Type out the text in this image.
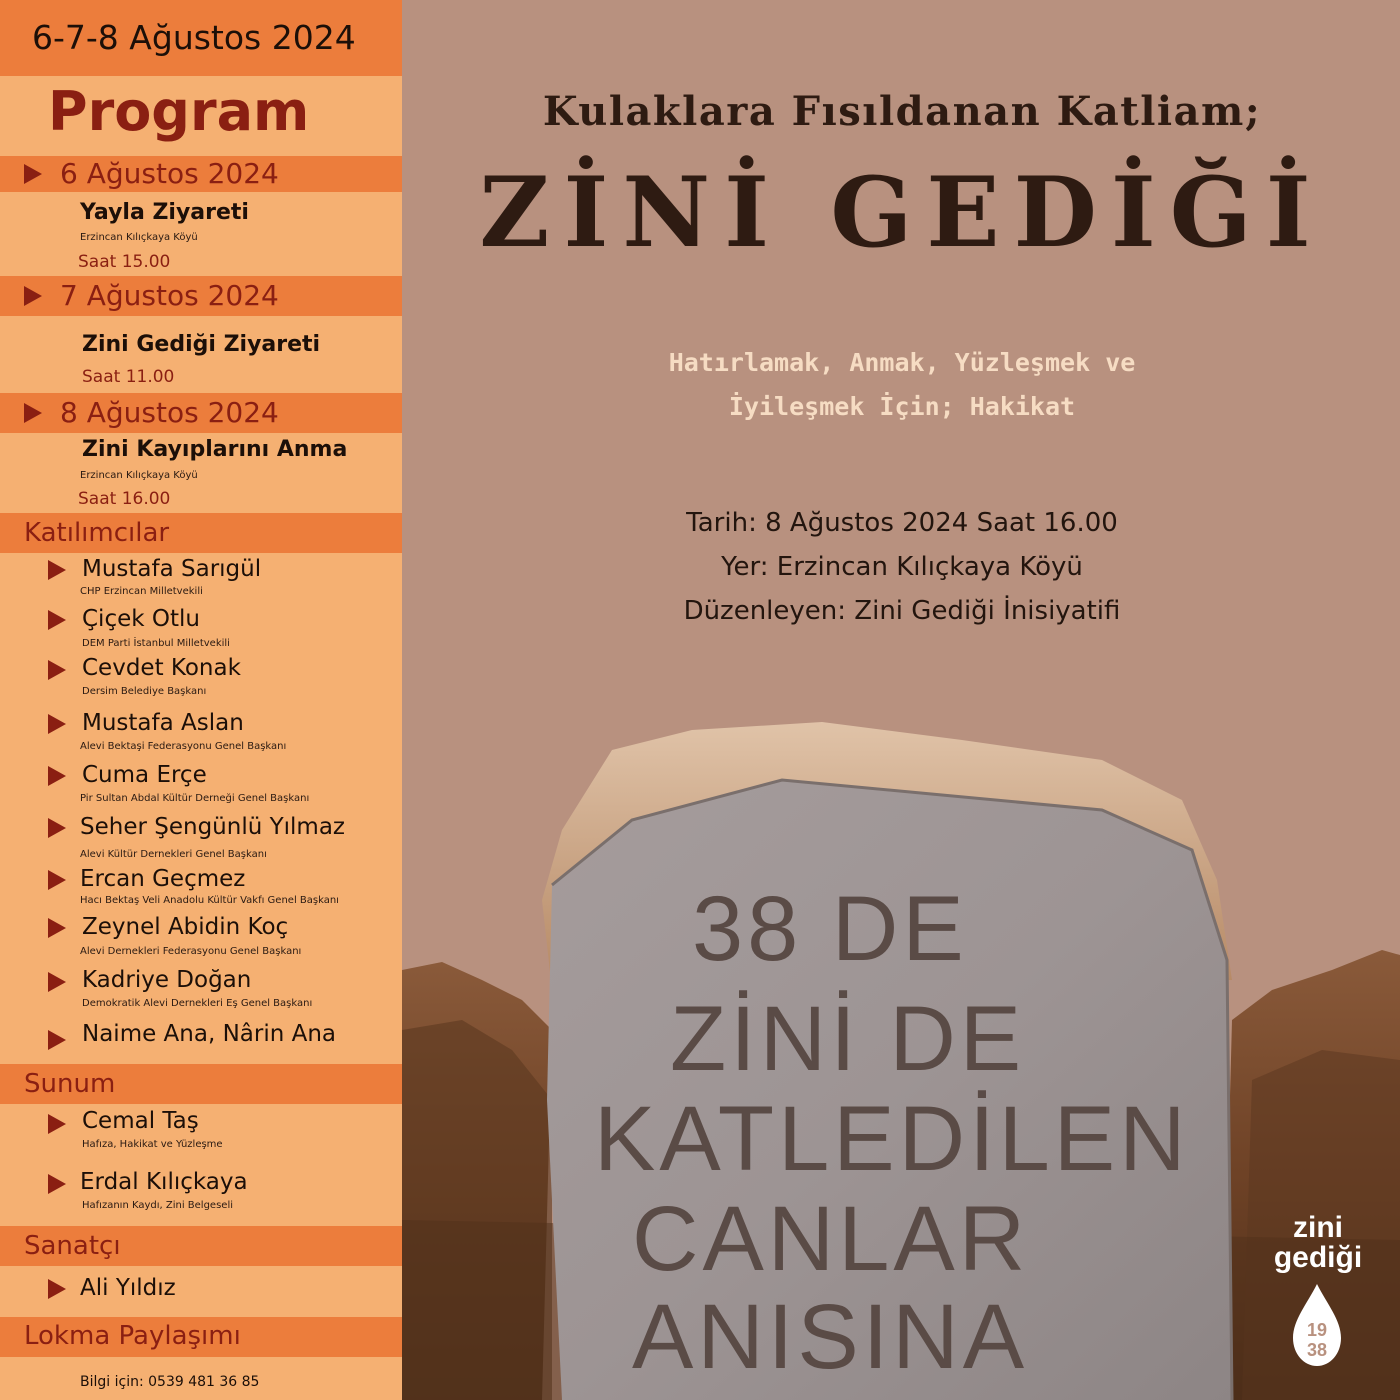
6-7-8 Ağustos 2024
Program
6 Ağustos 2024
Yayla Ziyareti
Erzincan Kılıçkaya Köyü
Saat 15.00
7 Ağustos 2024
Zini Gediği Ziyareti
Saat 11.00
8 Ağustos 2024
Zini Kayıplarını Anma
Erzincan Kılıçkaya Köyü
Saat 16.00
Katılımcılar
Mustafa Sarıgül
CHP Erzincan Milletvekili
Çiçek Otlu
DEM Parti İstanbul Milletvekili
Cevdet Konak
Dersim Belediye Başkanı
Mustafa Aslan
Alevi Bektaşi Federasyonu Genel Başkanı
Cuma Erçe
Pir Sultan Abdal Kültür Derneği Genel Başkanı
Seher Şengünlü Yılmaz
Alevi Kültür Dernekleri Genel Başkanı
Ercan Geçmez
Hacı Bektaş Veli Anadolu Kültür Vakfı Genel Başkanı
Zeynel Abidin Koç
Alevi Dernekleri Federasyonu Genel Başkanı
Kadriye Doğan
Demokratik Alevi Dernekleri Eş Genel Başkanı
Naime Ana, Nârin Ana
Sunum
Cemal Taş
Hafıza, Hakikat ve Yüzleşme
Erdal Kılıçkaya
Hafızanın Kaydı, Zini Belgeseli
Sanatçı
Ali Yıldız
Lokma Paylaşımı
Bilgi için: 0539 481 36 85
Kulaklara Fısıldanan Katliam;
ZİNİ GEDİĞİ
Hatırlamak, Anmak, Yüzleşmek ve
İyileşmek İçin; Hakikat
Tarih: 8 Ağustos 2024 Saat 16.00
Yer: Erzincan Kılıçkaya Köyü
Düzenleyen: Zini Gediği İnisiyatifi
38 DE
ZİNİ DE
KATLEDİLEN
CANLAR
ANISINA
zini
gediği
19
38
